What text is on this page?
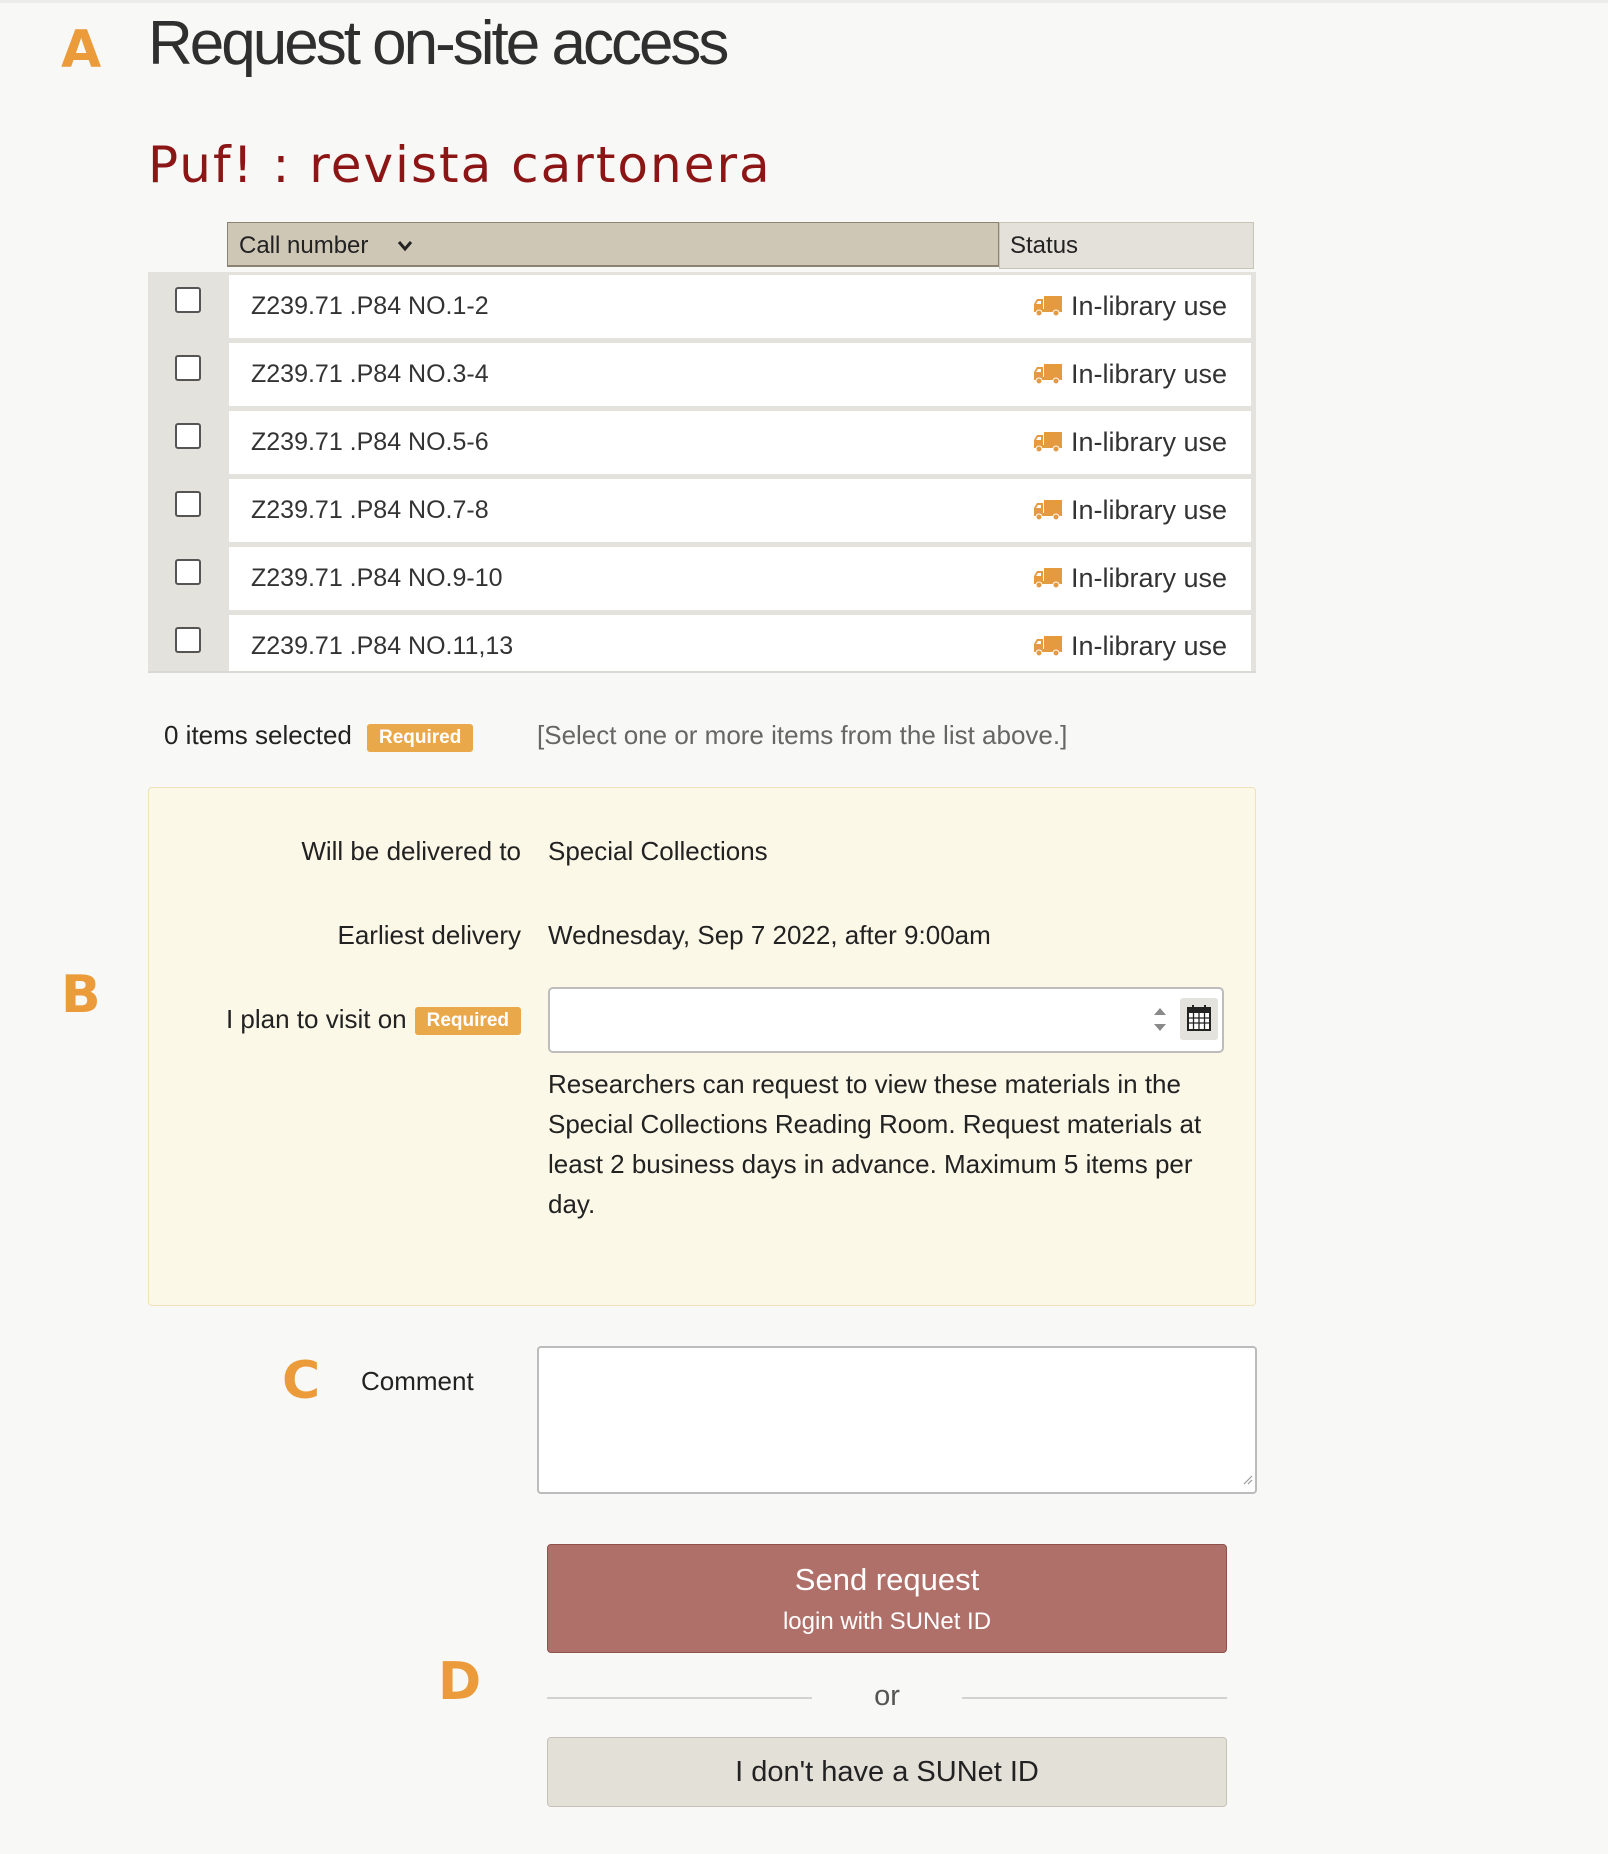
A
B
C
D
Request on-site access
Puf! : revista cartonera
Call number	Status
Z239.71 .P84 NO.1-2	In-library use
Z239.71 .P84 NO.3-4	In-library use
Z239.71 .P84 NO.5-6	In-library use
Z239.71 .P84 NO.7-8	In-library use
Z239.71 .P84 NO.9-10	In-library use
Z239.71 .P84 NO.11,13	In-library use
0 items selected	Required	[Select one or more items from the list above.]
Will be delivered to Special Collections
Earliest delivery Wednesday, Sep 7 2022, after 9:00am
I plan to visit on Required
Researchers can request to view these materials in the Special Collections Reading Room. Request materials at least 2 business days in advance. Maximum 5 items per day.
Comment
Send request
login with SUNet ID
or
I don't have a SUNet ID
